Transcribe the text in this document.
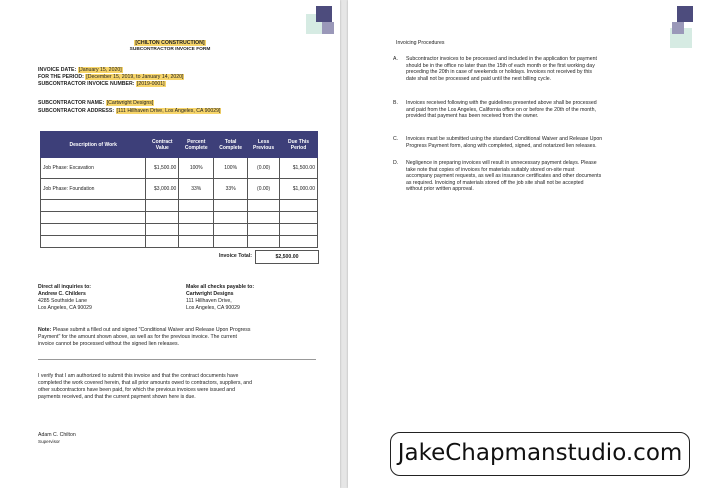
[CHILTON CONSTRUCTION]
SUBCONTRACTOR INVOICE FORM
INVOICE DATE: [January 15, 2020]
FOR THE PERIOD: [December 15, 2019, to January 14, 2020]
SUBCONTRACTOR INVOICE NUMBER: [2019-0001]
SUBCONTRACTOR NAME: [Cartwright Designs]
SUBCONTRACTOR ADDRESS: [111 Hillhaven Drive, Los Angeles, CA 90029]
Description of Work	Contract Value	Percent Complete	Total Complete	Less Previous	Due This Period
Job Phase: Excavation	$1,500.00	100%	100%	(0.00)	$1,500.00
Job Phase: Foundation	$3,000.00	33%	33%	(0.00)	$1,000.00

Invoice Total:	$2,500.00
Direct all inquiries to:
Andrew C. Childers
4285 Southside Lane
Los Angeles, CA 90029
Make all checks payable to:
Cartwright Designs
111 Hillhaven Drive,
Los Angeles, CA 90029
Note: Please submit a filled out and signed "Conditional Waiver and Release Upon Progress
Payment" for the amount shown above, as well as for the previous invoice. The current
invoice cannot be processed without the signed lien releases.
I verify that I am authorized to submit this invoice and that the contract documents have
completed the work covered herein, that all prior amounts owed to contractors, suppliers, and
other subcontractors have been paid, for which the previous invoices were issued and
payments received, and that the current payment shown here is due.
Adam C. Chilton
Supervisor
Invoicing Procedures
A. Subcontractor invoices to be processed and included in the application for payment
should be in the office no later than the 15th of each month or the first working day
preceding the 20th in case of weekends or holidays. Invoices not received by this
date shall not be processed and paid until the next billing cycle.
B. Invoices received following with the guidelines presented above shall be processed
and paid from the Los Angeles, California office on or before the 20th of the month,
provided that payment has been received from the owner.
C. Invoices must be submitted using the standard Conditional Waiver and Release Upon
Progress Payment form, along with completed, signed, and notarized lien releases.
D. Negligence in preparing invoices will result in unnecessary payment delays. Please
take note that copies of invoices for materials suitably stored on-site must
accompany payment requests, as well as insurance certificates and other documents
as required. Invoicing of materials stored off the job site shall not be accepted
without prior written approval.
JakeChapmanstudio.com
